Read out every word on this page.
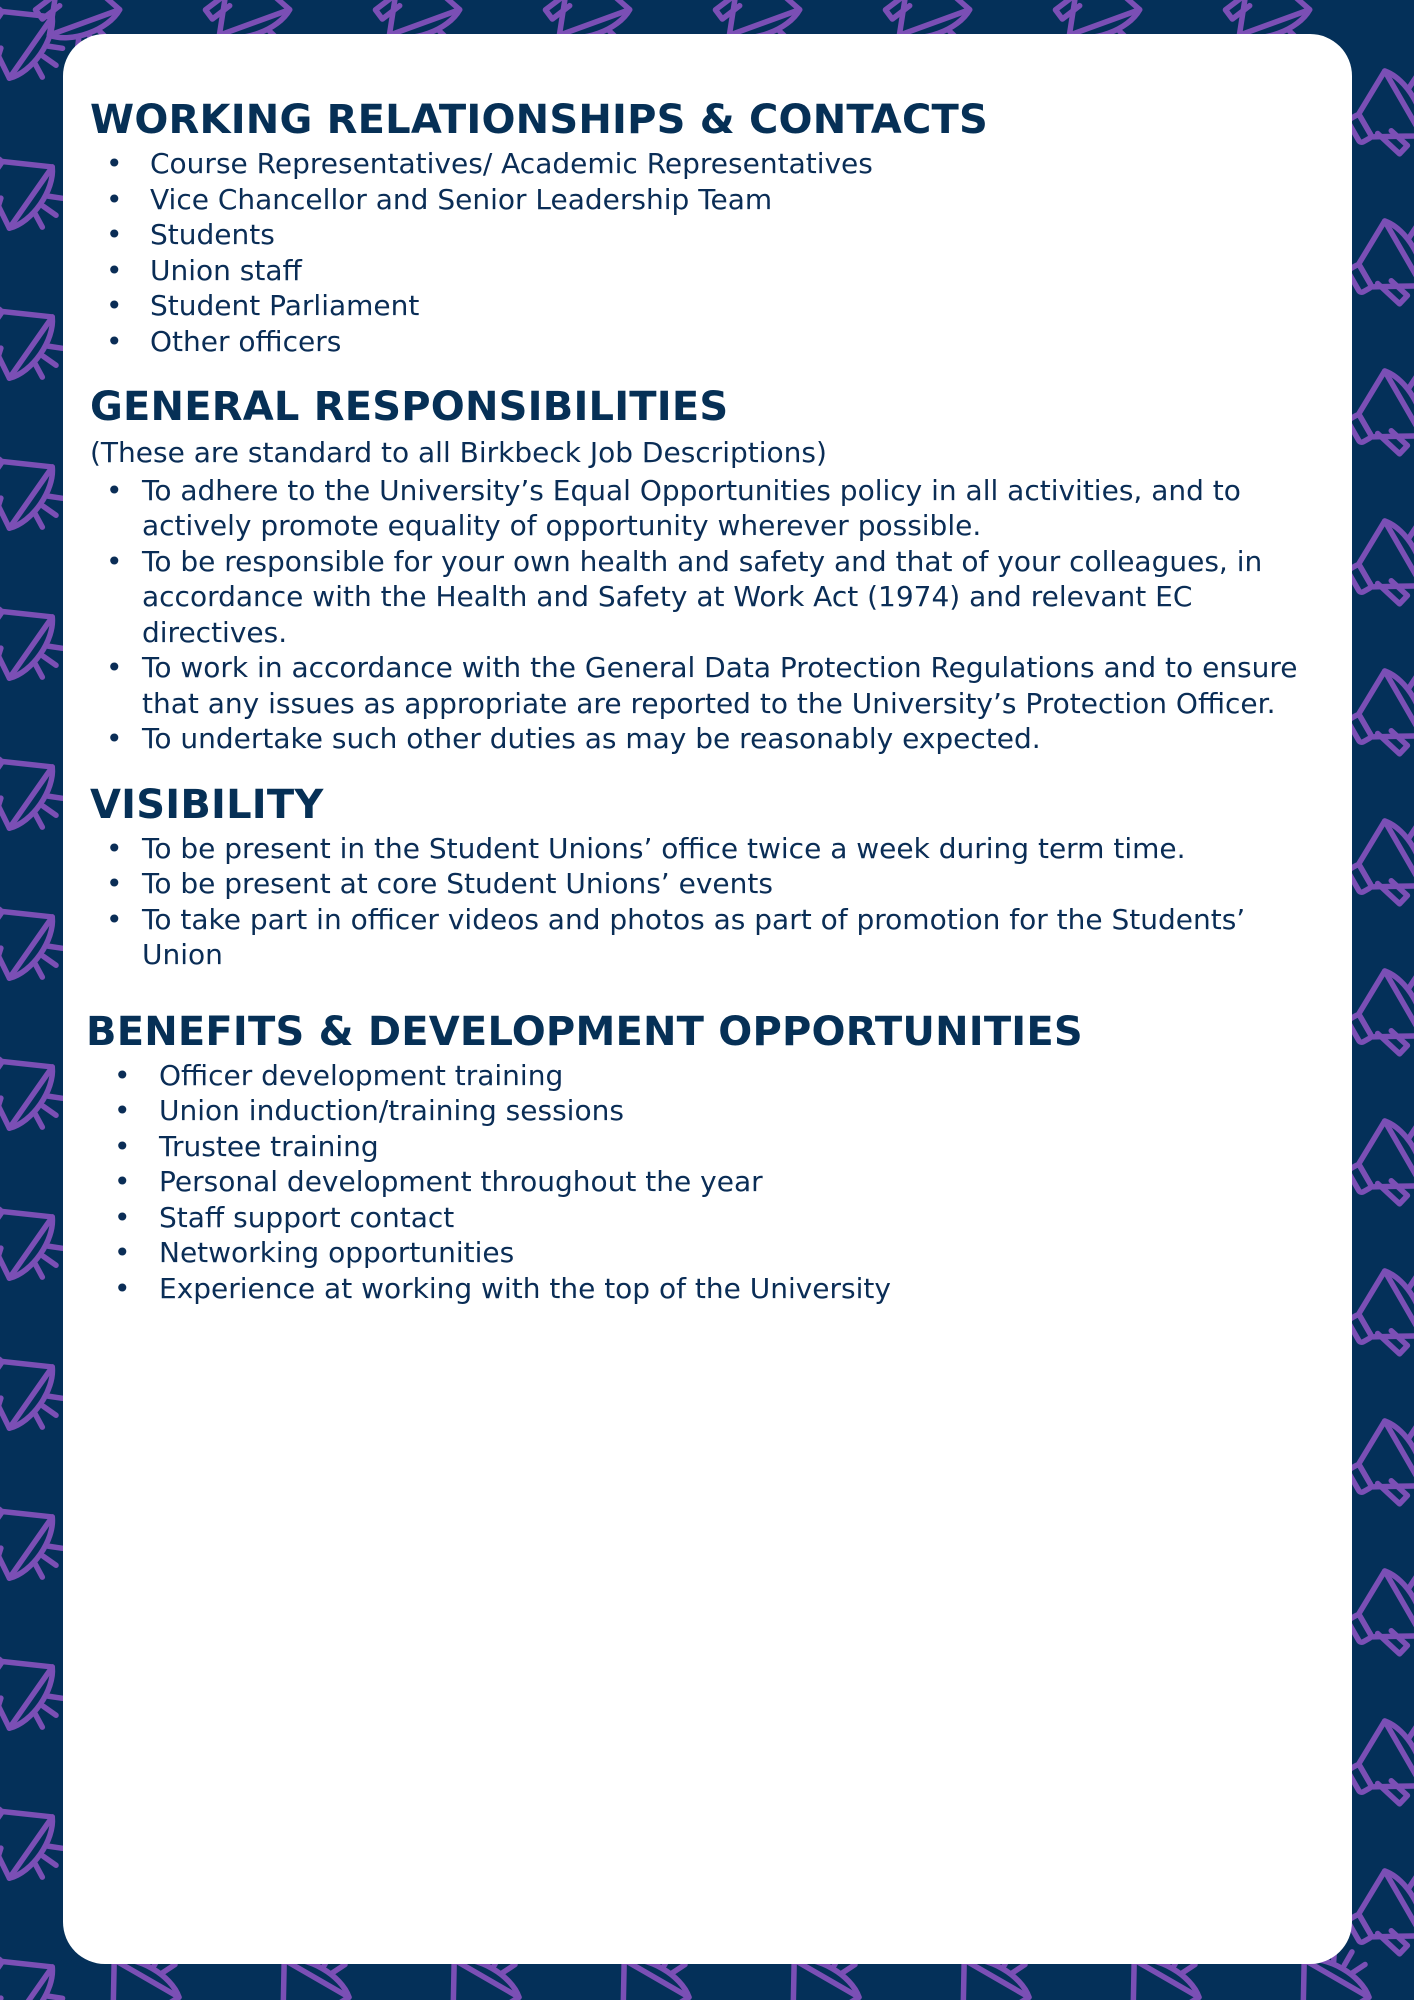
WORKING RELATIONSHIPS & CONTACTS
• Course Representatives/ Academic Representatives
• Vice Chancellor and Senior Leadership Team
• Students
• Union staff
• Student Parliament
• Other officers
GENERAL RESPONSIBILITIES

(These are standard to all Birkbeck Job Descriptions)

• To adhere to the University’s Equal Opportunities policy in all activities, and to actively promote equality of opportunity wherever possible.
• To be responsible for your own health and safety and that of your colleagues, in accordance with the Health and Safety at Work Act (1974) and relevant EC directives.
• To work in accordance with the General Data Protection Regulations and to ensure that any issues as appropriate are reported to the University’s Protection Officer.
• To undertake such other duties as may be reasonably expected.
VISIBILITY
• To be present in the Student Unions’ office twice a week during term time.
• To be present at core Student Unions’ events
• To take part in officer videos and photos as part of promotion for the Students’ Union
BENEFITS & DEVELOPMENT OPPORTUNITIES
• Officer development training
• Union induction/training sessions
• Trustee training
• Personal development throughout the year
• Staff support contact
• Networking opportunities
• Experience at working with the top of the University
